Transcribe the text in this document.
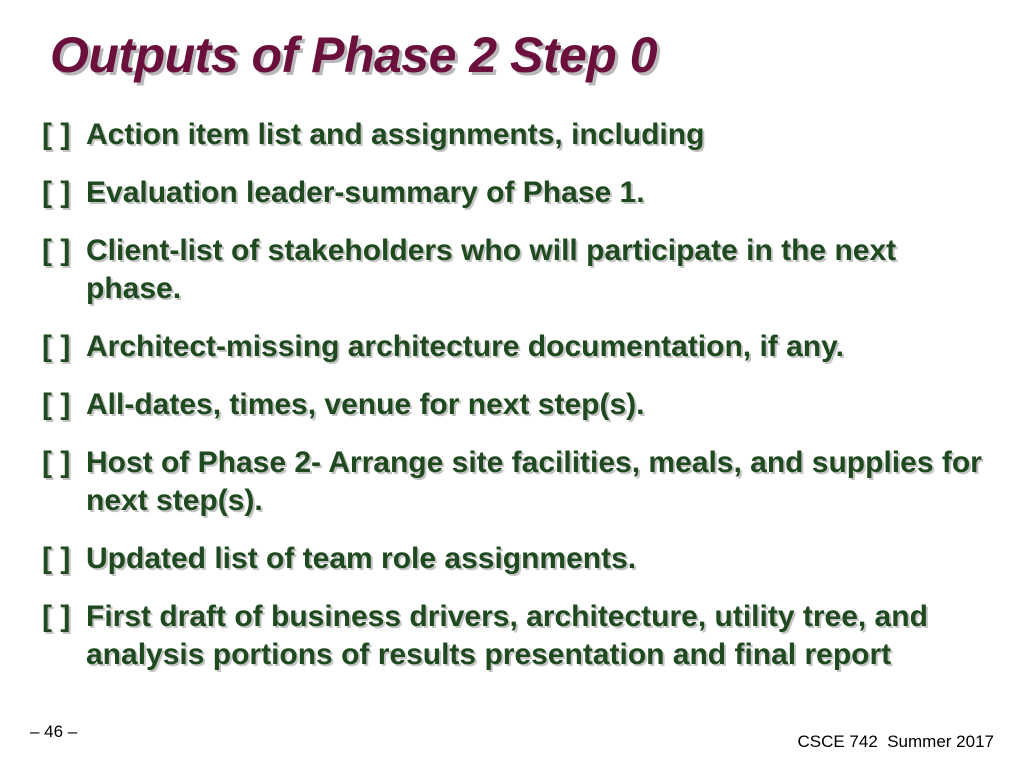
Outputs of Phase 2 Step 0
[ ] Action item list and assignments, including
[ ] Evaluation leader-summary of Phase 1.
[ ] Client-list of stakeholders who will participate in the next phase.
[ ] Architect-missing architecture documentation, if any.
[ ] All-dates, times, venue for next step(s).
[ ] Host of Phase 2- Arrange site facilities, meals, and supplies for next step(s).
[ ] Updated list of team role assignments.
[ ] First draft of business drivers, architecture, utility tree, and analysis portions of results presentation and final report
– 46 –
CSCE 742  Summer 2017
